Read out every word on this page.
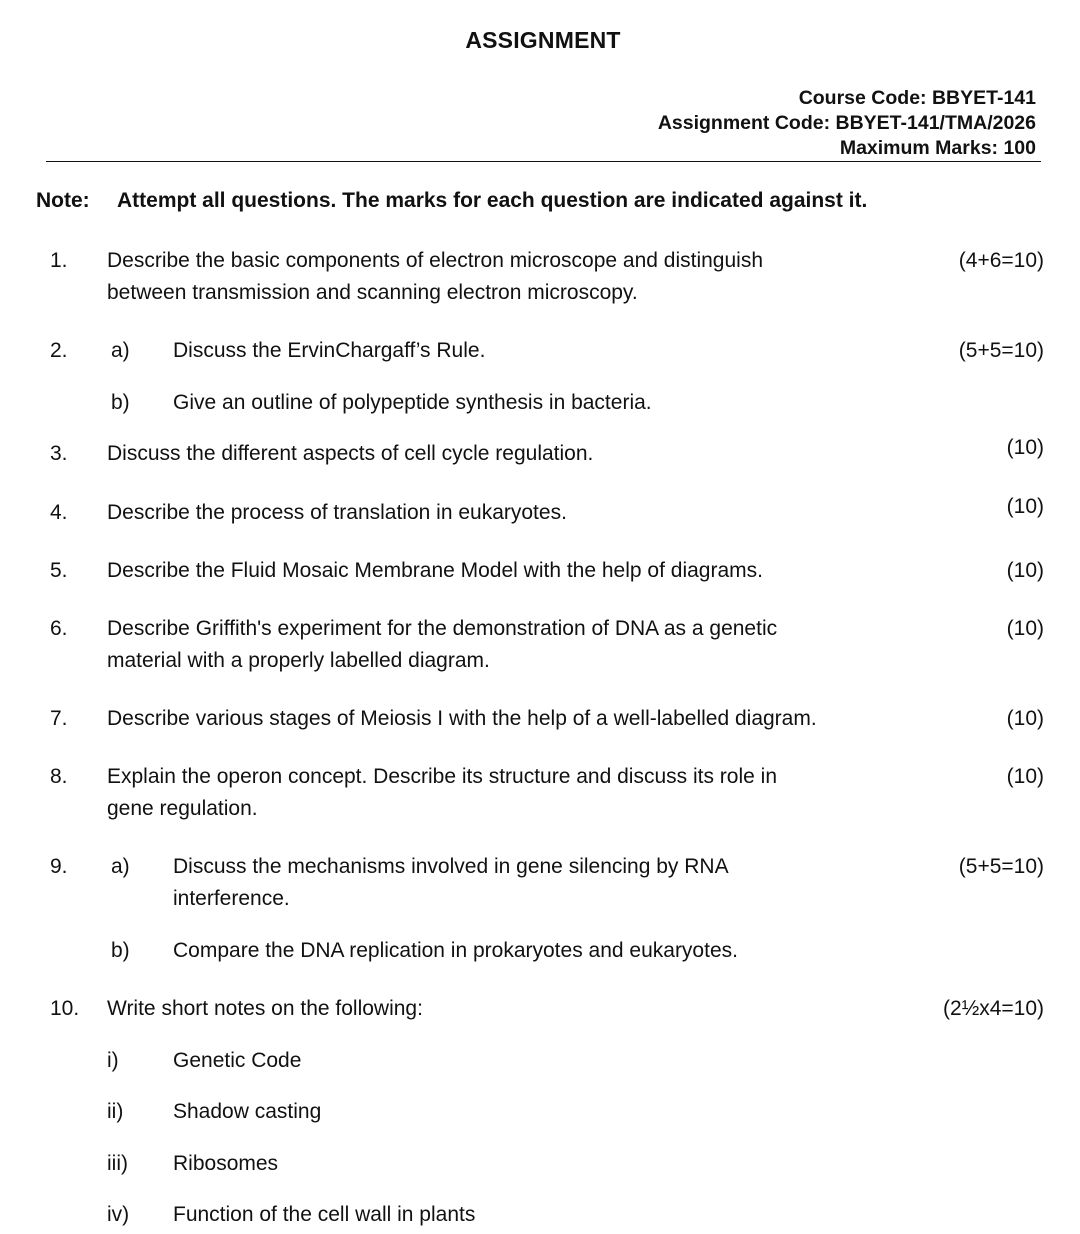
ASSIGNMENT
Course Code: BBYET-141
Assignment Code: BBYET-141/TMA/2026
Maximum Marks: 100
Note: Attempt all questions. The marks for each question are indicated against it.
1. Describe the basic components of electron microscope and distinguish
between transmission and scanning electron microscopy.
(4+6=10)
2. a) Discuss the ErvinChargaff’s Rule.	(5+5=10)
b) Give an outline of polypeptide synthesis in bacteria.
3. Discuss the different aspects of cell cycle regulation.	(10)
4. Describe the process of translation in eukaryotes.	(10)
5. Describe the Fluid Mosaic Membrane Model with the help of diagrams.	(10)
6. Describe Griffith's experiment for the demonstration of DNA as a genetic
material with a properly labelled diagram.
(10)
7. Describe various stages of Meiosis I with the help of a well-labelled diagram.	(10)
8. Explain the operon concept. Describe its structure and discuss its role in
gene regulation.
(10)
9. a) Discuss the mechanisms involved in gene silencing by RNA
interference.
(5+5=10)
b) Compare the DNA replication in prokaryotes and eukaryotes.
10. Write short notes on the following:	(2½x4=10)
i)	Genetic Code
ii) Shadow casting
iii) Ribosomes
iv) Function of the cell wall in plants
